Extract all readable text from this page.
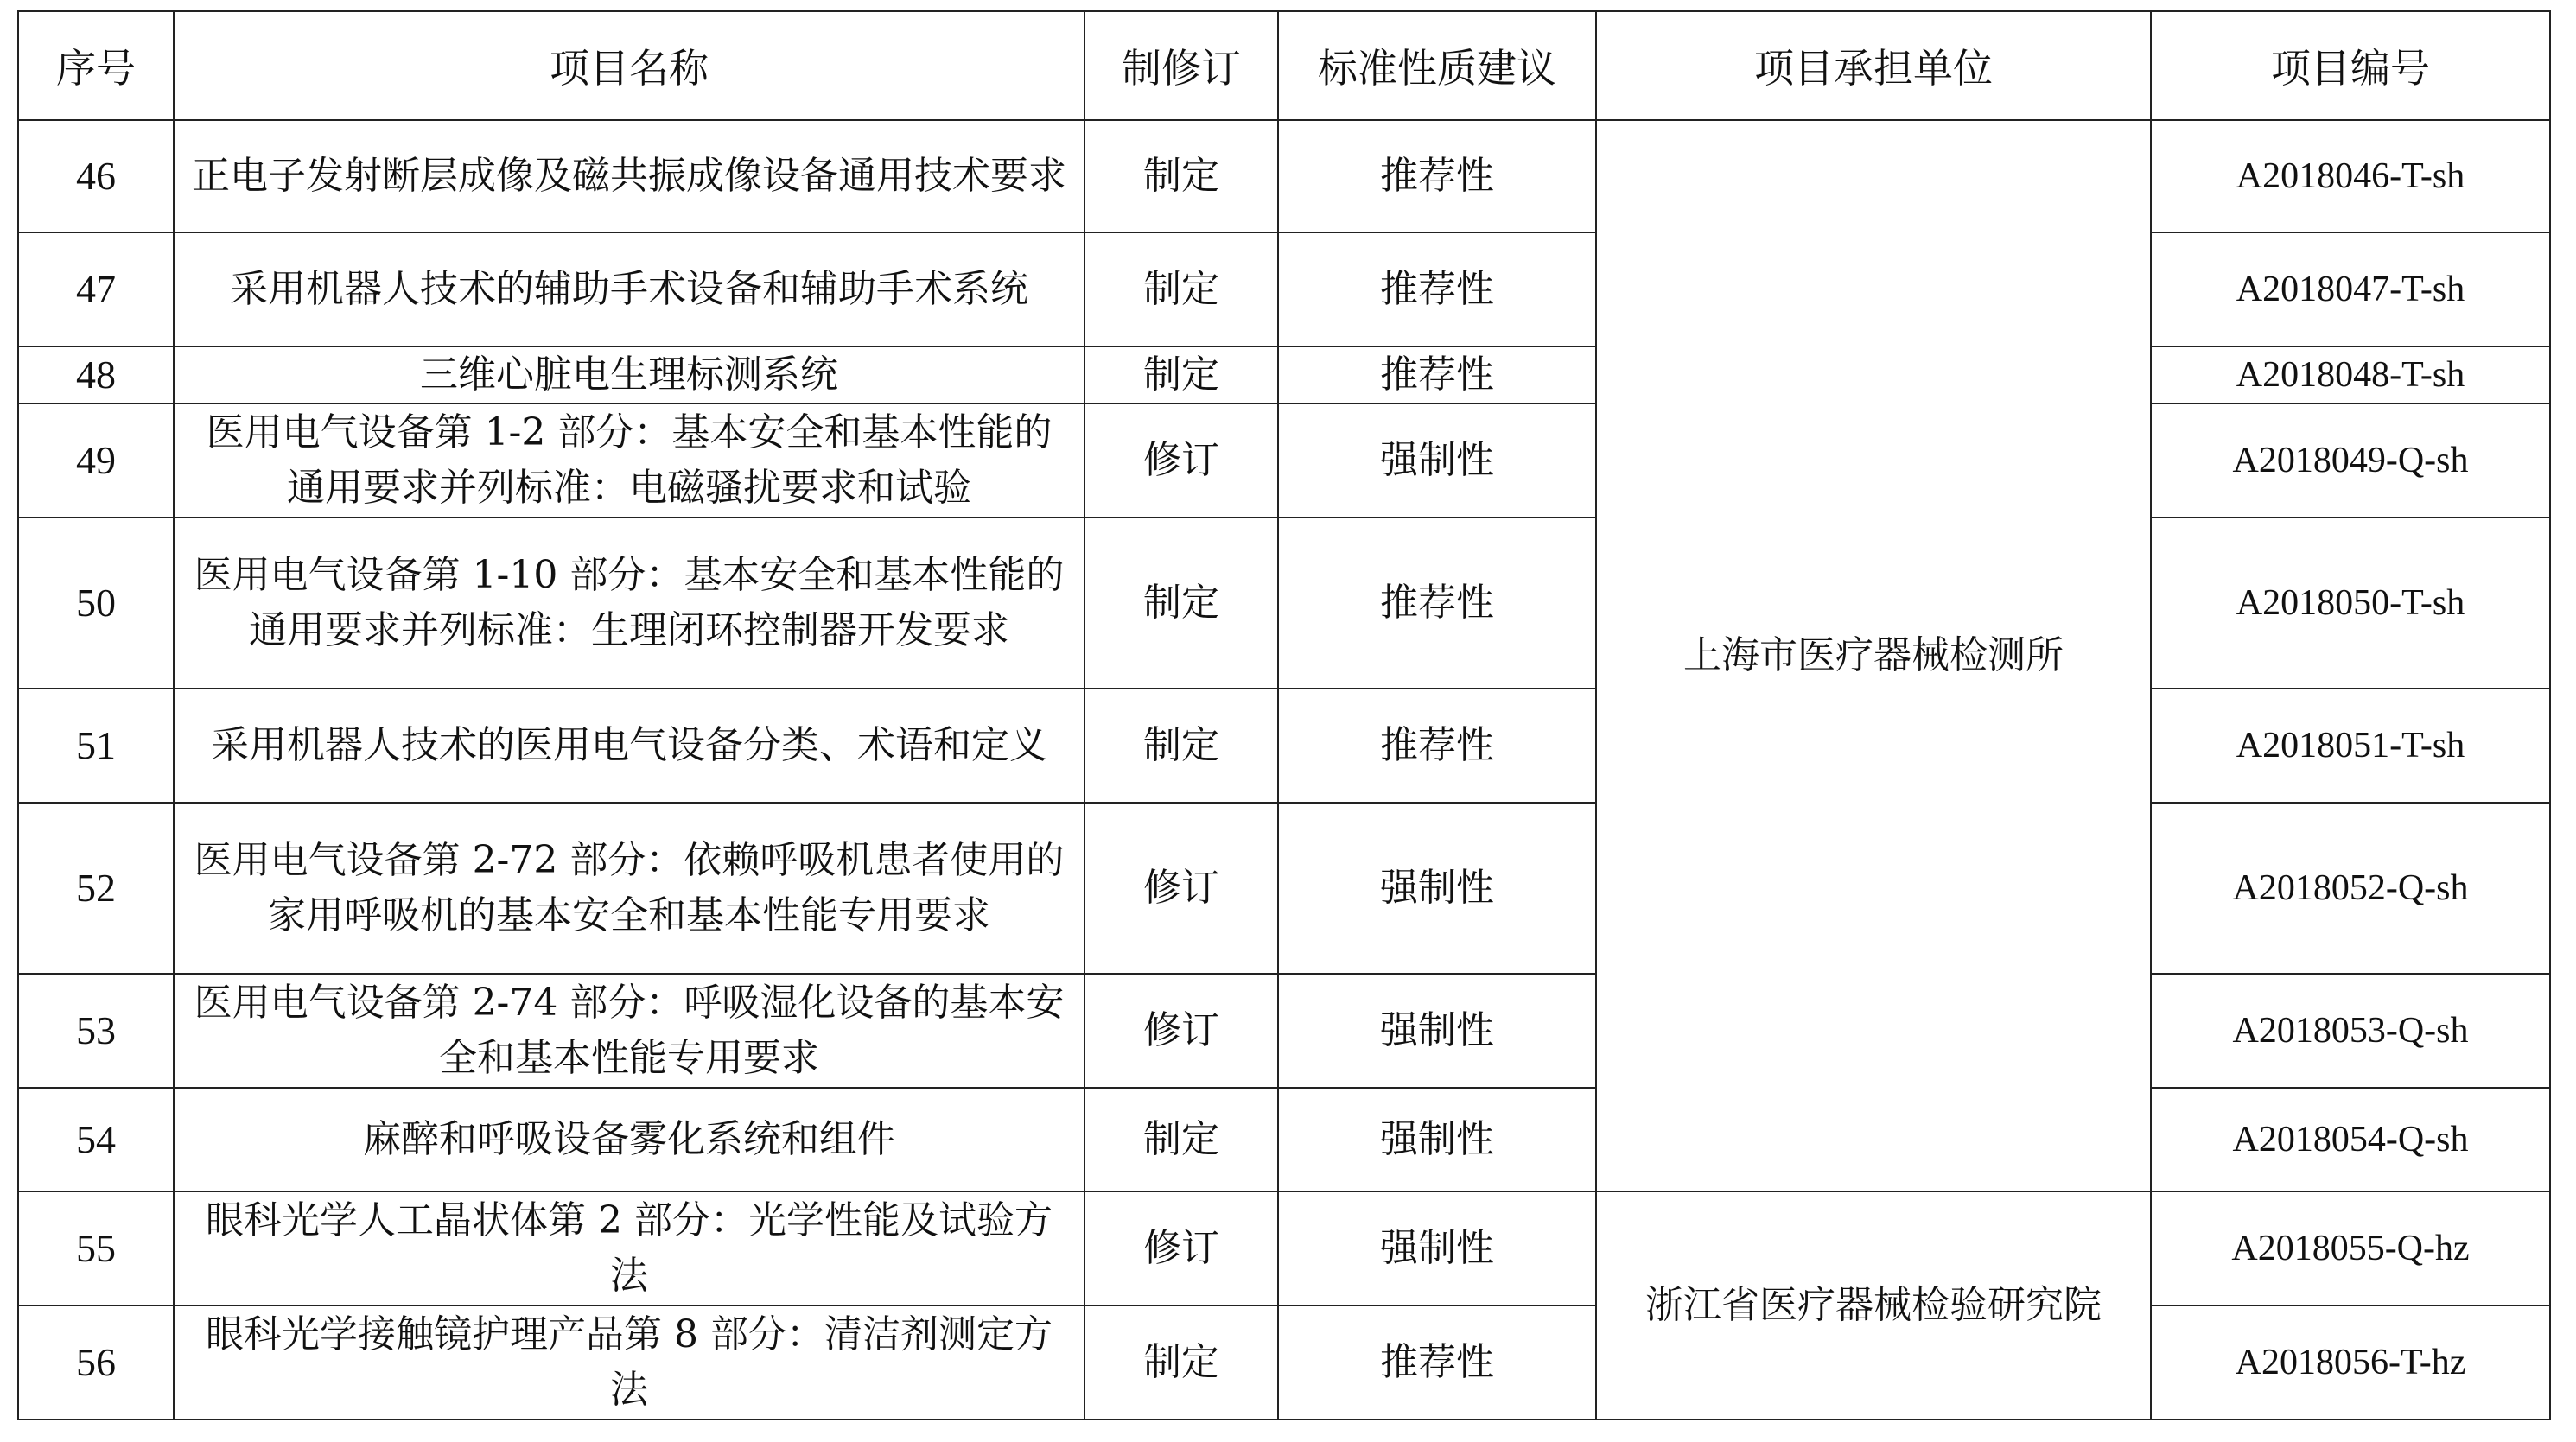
序号	项目名称	制修订	标准性质建议	项目承担单位	项目编号
46	正电子发射断层成像及磁共振成像设备通用技术要求	制定	推荐性	上海市医疗器械检测所	A2018046-T-sh
47	采用机器人技术的辅助手术设备和辅助手术系统	制定	推荐性		A2018047-T-sh
48	三维心脏电生理标测系统	制定	推荐性		A2018048-T-sh
49	医用电气设备第 1-2 部分：基本安全和基本性能的通用要求并列标准：电磁骚扰要求和试验	修订	强制性		A2018049-Q-sh
50	医用电气设备第 1-10 部分：基本安全和基本性能的通用要求并列标准：生理闭环控制器开发要求	制定	推荐性		A2018050-T-sh
51	采用机器人技术的医用电气设备分类、术语和定义	制定	推荐性		A2018051-T-sh
52	医用电气设备第 2-72 部分：依赖呼吸机患者使用的家用呼吸机的基本安全和基本性能专用要求	修订	强制性		A2018052-Q-sh
53	医用电气设备第 2-74 部分：呼吸湿化设备的基本安全和基本性能专用要求	修订	强制性		A2018053-Q-sh
54	麻醉和呼吸设备雾化系统和组件	制定	强制性		A2018054-Q-sh
55	眼科光学人工晶状体第 2 部分：光学性能及试验方法	修订	强制性	浙江省医疗器械检验研究院	A2018055-Q-hz
56	眼科光学接触镜护理产品第 8 部分：清洁剂测定方法	制定	推荐性		A2018056-T-hz
